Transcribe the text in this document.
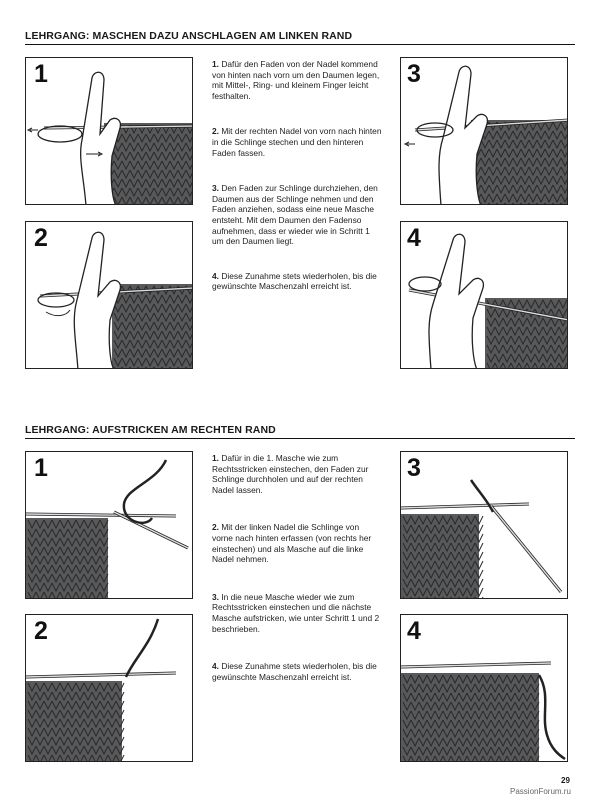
LEHRGANG: MASCHEN DAZU ANSCHLAGEN AM LINKEN RAND
1
2
3
4

1. Dafür den Faden von der Nadel kommend von hinten nach vorn um den Daumen legen, mit Mittel-, Ring- und kleinem Finger leicht festhalten.

2. Mit der rechten Nadel von vorn nach hinten in die Schlinge stechen und den hinteren Faden fassen.

3. Den Faden zur Schlinge durchziehen, den Daumen aus der Schlinge nehmen und den Faden anziehen, sodass eine neue Masche entsteht. Mit dem Daumen den Fadenso aufnehmen, dass er wieder wie in Schritt 1 um den Daumen liegt.

4. Diese Zunahme stets wiederholen, bis die gewünschte Maschenzahl erreicht ist.

LEHRGANG: AUFSTRICKEN AM RECHTEN RAND
1
2
3
4

1. Dafür in die 1. Masche wie zum Rechtsstricken einstechen, den Faden zur Schlinge durchholen und auf der rechten Nadel lassen.

2. Mit der linken Nadel die Schlinge von vorne nach hinten erfassen (von rechts her einstechen) und als Masche auf die linke Nadel nehmen.

3. In die neue Masche wieder wie zum Rechtsstricken einstechen und die nächste Masche aufstricken, wie unter Schritt 1 und 2 beschrieben.

4. Diese Zunahme stets wiederholen, bis die gewünschte Maschenzahl erreicht ist.

29
PassionForum.ru
